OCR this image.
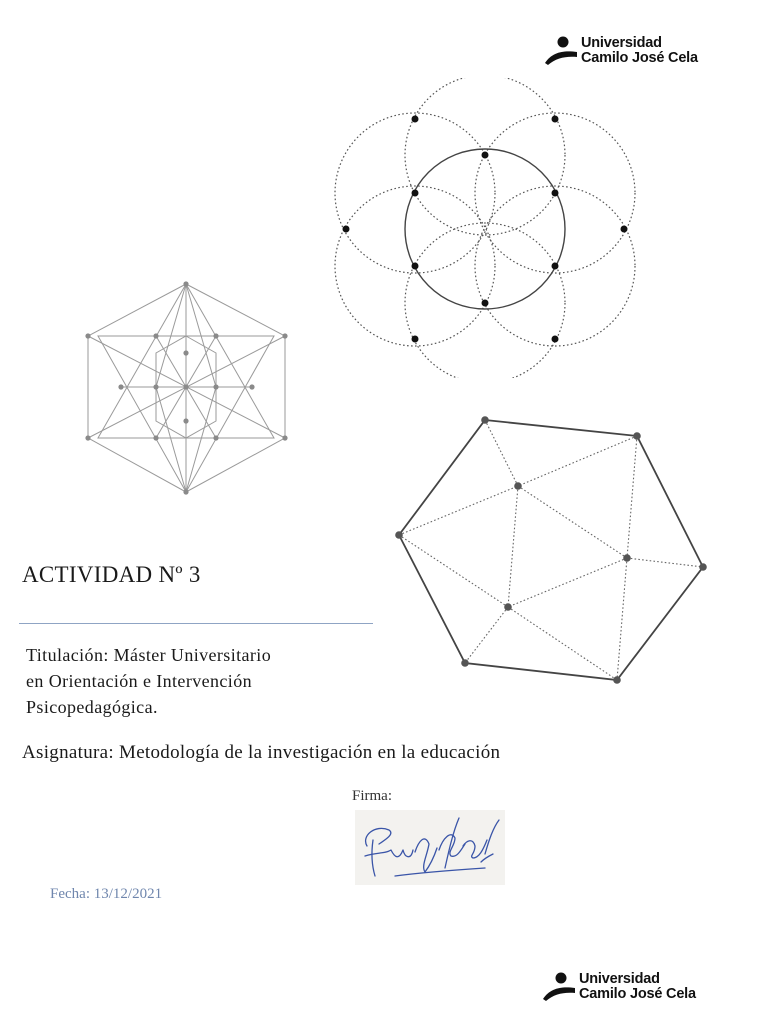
Universidad
Camilo José Cela
ACTIVIDAD Nº 3
Titulación: Máster Universitario
en Orientación e Intervención
Psicopedagógica.
Asignatura: Metodología de la investigación en la educación
Firma:
Fecha: 13/12/2021
Universidad
Camilo José Cela
